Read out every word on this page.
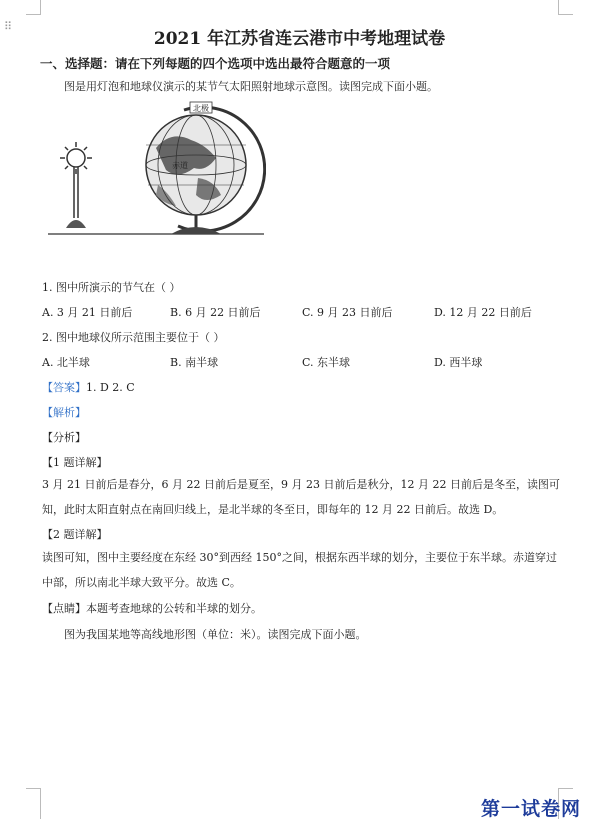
⠿
2021 年江苏省连云港市中考地理试卷
一、选择题：请在下列每题的四个选项中选出最符合题意的一项
图是用灯泡和地球仪演示的某节气太阳照射地球示意图。读图完成下面小题。
北极
赤道
1. 图中所演示的节气在（ ）
A. 3 月 21 日前后	B. 6 月 22 日前后	C. 9 月 23 日前后	D. 12 月 22 日前后
2. 图中地球仪所示范围主要位于（ ）
A. 北半球	B. 南半球	C. 东半球	D. 西半球
【答案】1. D 2. C
【解析】
【分析】
【1 题详解】
3 月 21 日前后是春分，6 月 22 日前后是夏至，9 月 23 日前后是秋分，12 月 22 日前后是冬至，读图可知，此时太阳直射点在南回归线上，是北半球的冬至日，即每年的 12 月 22 日前后。故选 D。
【2 题详解】
读图可知，图中主要经度在东经 30°到西经 150°之间，根据东西半球的划分，主要位于东半球。赤道穿过中部，所以南北半球大致平分。故选 C。
【点睛】本题考查地球的公转和半球的划分。
图为我国某地等高线地形图（单位：米）。读图完成下面小题。
第一试卷网
